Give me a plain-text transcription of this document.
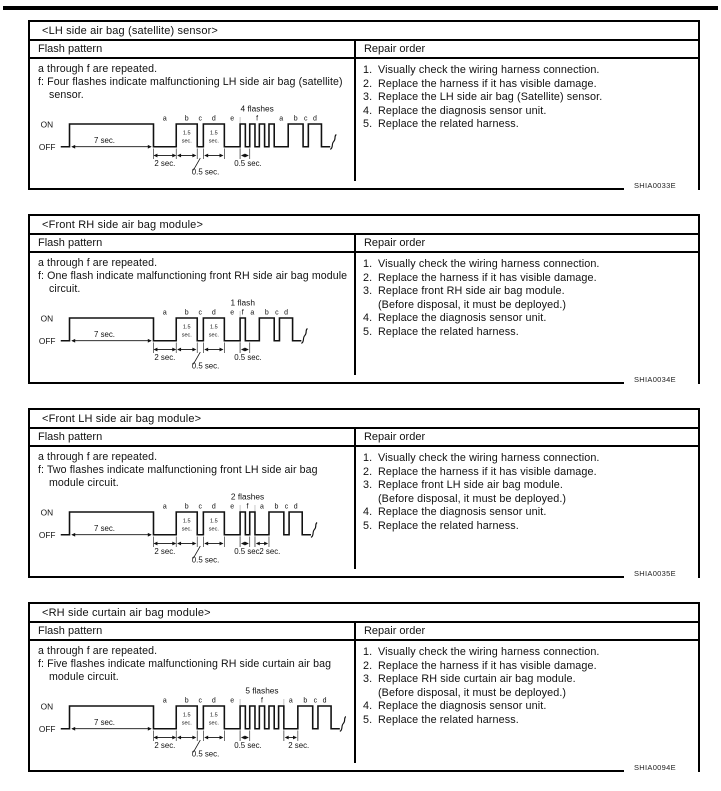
<LH side air bag (satellite) sensor>
Flash pattern	Repair order
a through f are repeated.
f: Four flashes indicate malfunctioning LH side air bag (satellite) sensor.
ON
OFF
7 sec.
4 flashes
a b c d e	f	a b c d
1.5
sec.
1.5
sec.
2 sec.
0.5 sec.
0.5 sec.
1. Visually check the wiring harness connection.
2. Replace the harness if it has visible damage.
3. Replace the LH side air bag (Satellite) sensor.
4. Replace the diagnosis sensor unit.
5. Replace the related harness.
SHIA0033E
<Front RH side air bag module>
Flash pattern	Repair order
a through f are repeated.
f: One flash indicate malfunctioning front RH side air bag module circuit.
ON
OFF
7 sec.
1 flash
a b c d e f a b c d
1.5
sec.
1.5
sec.
2 sec.
0.5 sec.
0.5 sec.
1. Visually check the wiring harness connection.
2. Replace the harness if it has visible damage.
3. Replace front RH side air bag module.
(Before disposal, it must be deployed.)
4. Replace the diagnosis sensor unit.
5. Replace the related harness.
SHIA0034E
<Front LH side air bag module>
Flash pattern	Repair order
a through f are repeated.
f: Two flashes indicate malfunctioning front LH side air bag module circuit.
ON
OFF
7 sec.
2 flashes
a b c d e f a b c d
1.5
sec.
1.5
sec.
2 sec.
0.5 sec.
0.5 sec.
2 sec.
1. Visually check the wiring harness connection.
2. Replace the harness if it has visible damage.
3. Replace front LH side air bag module.
(Before disposal, it must be deployed.)
4. Replace the diagnosis sensor unit.
5. Replace the related harness.
SHIA0035E
<RH side curtain air bag module>
Flash pattern	Repair order
a through f are repeated.
f: Five flashes indicate malfunctioning RH side curtain air bag module circuit.
ON
OFF
7 sec.
5 flashes
a b c d e	f	a b c d
1.5
sec.
1.5
sec.
2 sec.
0.5 sec.
0.5 sec.	2 sec.
1. Visually check the wiring harness connection.
2. Replace the harness if it has visible damage.
3. Replace RH side curtain air bag module.
(Before disposal, it must be deployed.)
4. Replace the diagnosis sensor unit.
5. Replace the related harness.
SHIA0094E
